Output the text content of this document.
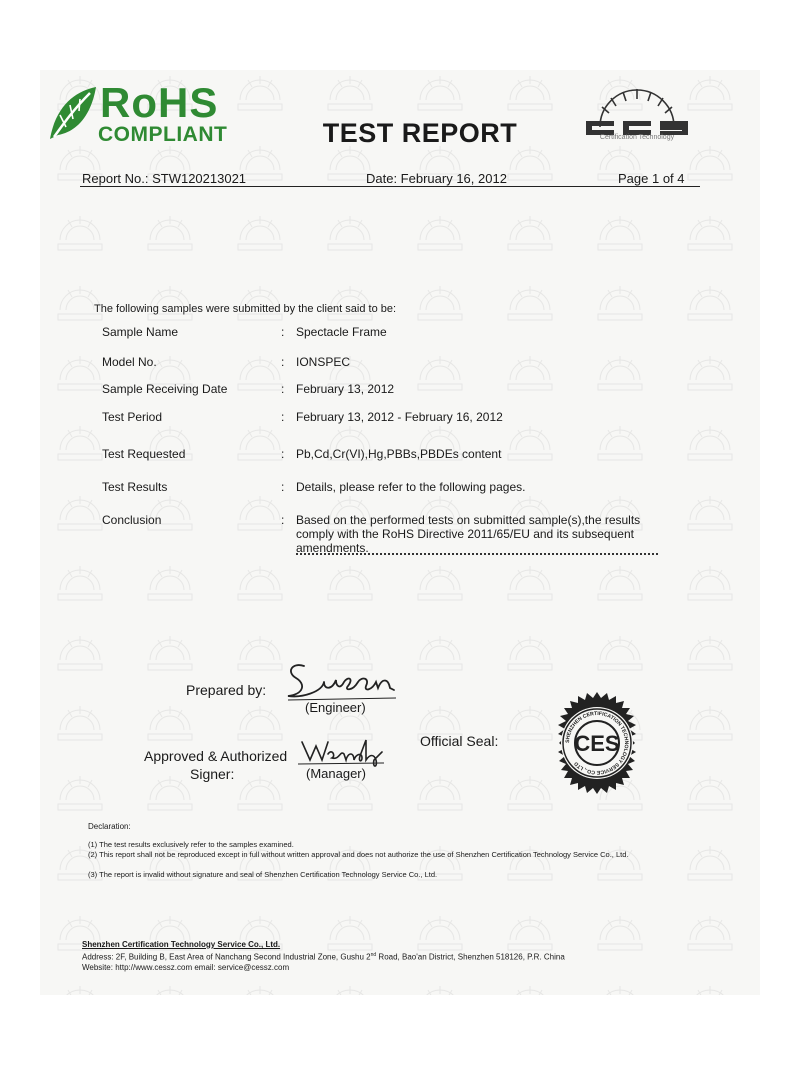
RoHS
COMPLIANT	TEST REPORT	Certification Technology
Report No.: STW120213021	Date: February 16, 2012	Page 1 of 4
The following samples were submitted by the client said to be:
Sample Name	: Spectacle Frame
Model No.	: IONSPEC
Sample Receiving Date	: February 13, 2012
Test Period	: February 13, 2012 - February 16, 2012
Test Requested	: Pb,Cd,Cr(VI),Hg,PBBs,PBDEs content
Test Results	: Details, please refer to the following pages.
Conclusion	: Based on the performed tests on submitted sample(s),the results comply with the RoHS Directive 2011/65/EU and its subsequent amendments.
Prepared by:
(Engineer)
Approved & Authorized
Signer:	(Manager)
Official Seal:	SHENZHEN CERTIFICATION TECHNOLOGY SERVICE CO., LTD
CES
Declaration:
(1) The test results exclusively refer to the samples examined.
(2) This report shall not be reproduced except in full without written approval and does not authorize the use of Shenzhen Certification Technology Service Co., Ltd.
(3) The report is invalid without signature and seal of Shenzhen Certification Technology Service Co., Ltd.
Shenzhen Certification Technology Service Co., Ltd.
Address: 2F, Building B, East Area of Nanchang Second Industrial Zone, Gushu 2nd Road, Bao'an District, Shenzhen 518126, P.R. China
Website: http://www.cessz.com email: service@cessz.com
